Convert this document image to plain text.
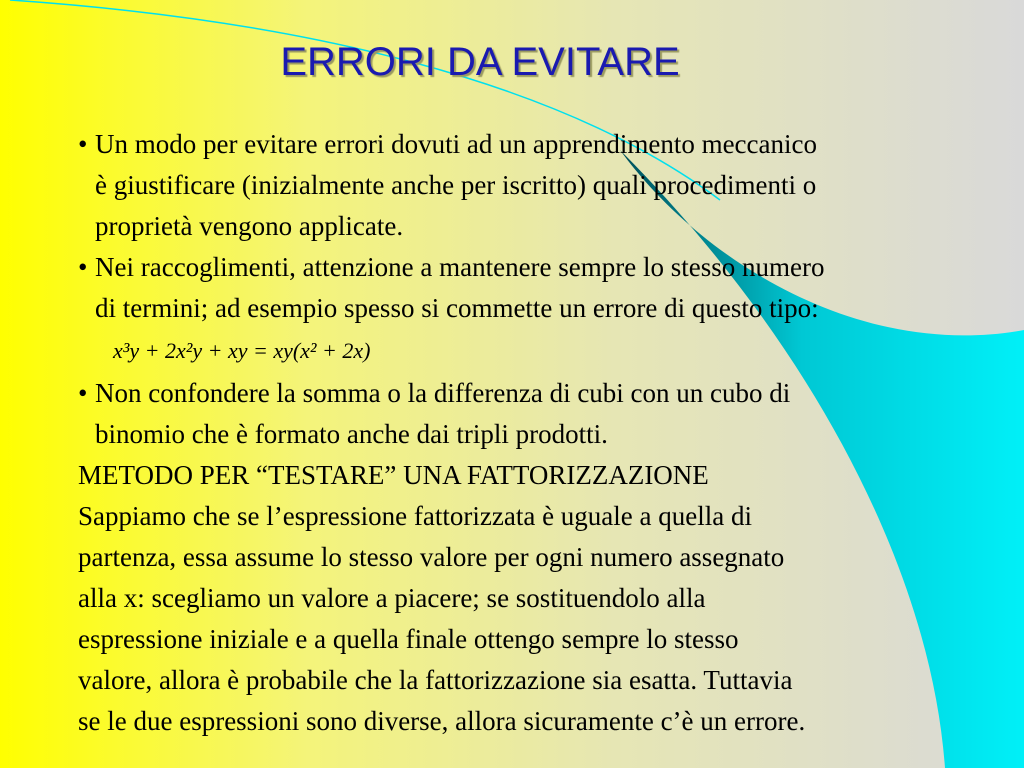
ERRORI DA EVITARE
• Un modo per evitare errori dovuti ad un apprendimento meccanico
è giustificare (inizialmente anche per iscritto) quali procedimenti o
proprietà vengono applicate.
• Nei raccoglimenti, attenzione a mantenere sempre lo stesso numero
di termini; ad esempio spesso si commette un errore di questo tipo:
x³y + 2x²y + xy = xy(x² + 2x)
• Non confondere la somma o la differenza di cubi con un cubo di
binomio che è formato anche dai tripli prodotti.
METODO PER “TESTARE” UNA FATTORIZZAZIONE
Sappiamo che se l’espressione fattorizzata è uguale a quella di
partenza, essa assume lo stesso valore per ogni numero assegnato
alla x: scegliamo un valore a piacere; se sostituendolo alla
espressione iniziale e a quella finale ottengo sempre lo stesso
valore, allora è probabile che la fattorizzazione sia esatta. Tuttavia
se le due espressioni sono diverse, allora sicuramente c’è un errore.
